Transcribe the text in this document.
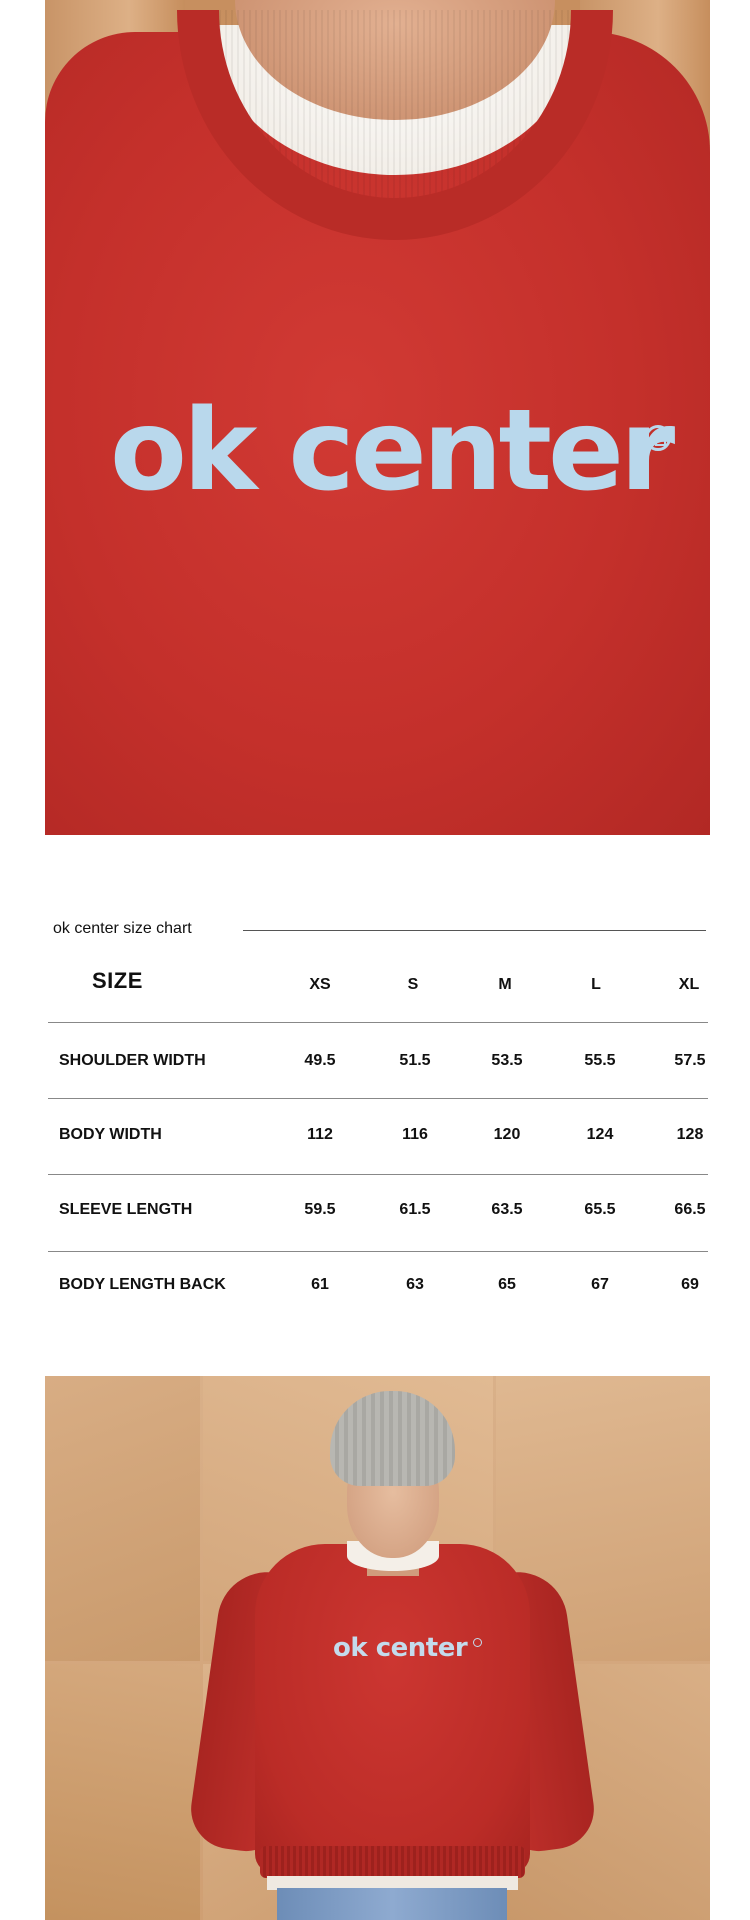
ok center
ok center size chart
SIZE	XS	S	M	L	XL
SHOULDER WIDTH	49.5	51.5	53.5	55.5	57.5
BODY WIDTH	112	116	120	124	128
SLEEVE LENGTH	59.5	61.5	63.5	65.5	66.5
BODY LENGTH BACK	61	63	65	67	69
ok center
